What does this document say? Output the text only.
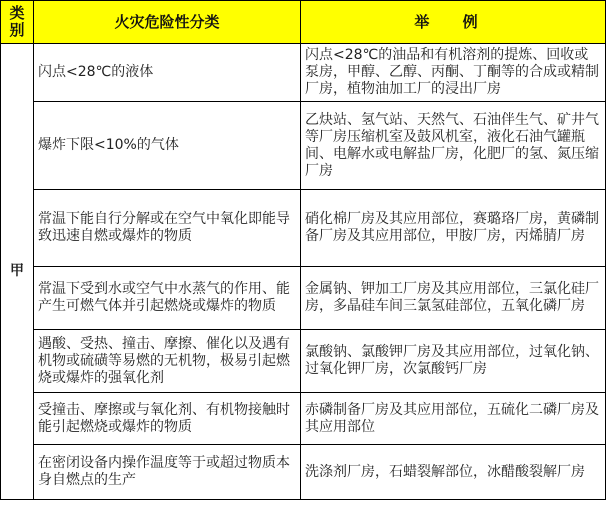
类别	火灾危险性分类	举 例
甲	闪点<28℃的液体	闪点<28℃的油品和有机溶剂的提炼、回收或泵房，甲醇、乙醇、丙酮、丁酮等的合成或精制厂房，植物油加工厂的浸出厂房
	爆炸下限<10%的气体	乙炔站、氢气站、天然气、石油伴生气、矿井气等厂房压缩机室及鼓风机室，液化石油气罐瓶间、电解水或电解盐厂房，化肥厂的氢、氮压缩厂房
	常温下能自行分解或在空气中氧化即能导致迅速自燃或爆炸的物质	硝化棉厂房及其应用部位，赛璐珞厂房，黄磷制备厂房及其应用部位，甲胺厂房，丙烯腈厂房
	常温下受到水或空气中水蒸气的作用、能产生可燃气体并引起燃烧或爆炸的物质	金属钠、钾加工厂房及其应用部位，三氯化硅厂房，多晶硅车间三氯氢硅部位，五氧化磷厂房
	遇酸、受热、撞击、摩擦、催化以及遇有机物或硫磺等易燃的无机物，极易引起燃烧或爆炸的强氧化剂	氯酸钠、氯酸钾厂房及其应用部位，过氧化钠、过氧化钾厂房，次氯酸钙厂房
	受撞击、摩擦或与氧化剂、有机物接触时能引起燃烧或爆炸的物质	赤磷制备厂房及其应用部位，五硫化二磷厂房及其应用部位
	在密闭设备内操作温度等于或超过物质本身自燃点的生产	洗涤剂厂房，石蜡裂解部位，冰醋酸裂解厂房
